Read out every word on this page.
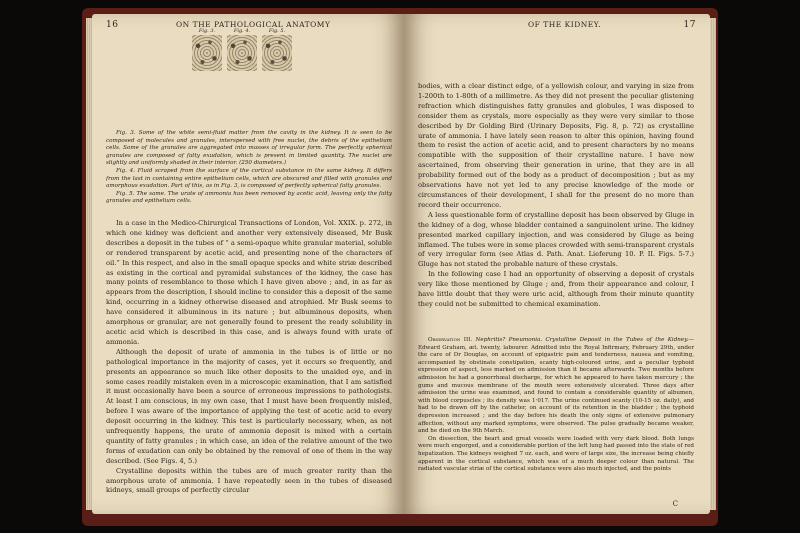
16	ON THE PATHOLOGICAL ANATOMY
Fig. 3.	Fig. 4.	Fig. 5.

Fig. 3. Some of the white semi-fluid matter from the cavity in the kidney. It is seen to be composed of molecules and granules, interspersed with free nuclei, the debris of the epithelium cells. Some of the granules are aggregated into masses of irregular form. The perfectly spherical granules are composed of fatty exudation, which is present in limited quantity. The nuclei are slightly and uniformly shaded in their interior. (250 diameters.)

Fig. 4. Fluid scraped from the surface of the cortical substance in the same kidney. It differs from the last in containing entire epithelium cells, which are obscured and filled with granules and amorphous exudation. Part of this, as in Fig. 3, is composed of perfectly spherical fatty granules.

Fig. 5. The same. The urate of ammonia has been removed by acetic acid, leaving only the fatty granules and epithelium cells.

In a case in the Medico-Chirurgical Transactions of London, Vol. XXIX. p. 272, in which one kidney was deficient and another very extensively diseased, Mr Busk describes a deposit in the tubes of “ a semi-opaque white granular material, soluble or rendered transparent by acetic acid, and presenting none of the characters of oil.” In this respect, and also in the small opaque specks and white striæ described as existing in the cortical and pyramidal substances of the kidney, the case has many points of resemblance to those which I have given above ; and, in as far as appears from the description, I should incline to consider this a deposit of the same kind, occurring in a kidney otherwise diseased and atrophied. Mr Busk seems to have considered it albuminous in its nature ; but albuminous deposits, when amorphous or granular, are not generally found to present the ready solubility in acetic acid which is described in this case, and is always found with urate of ammonia.

Although the deposit of urate of ammonia in the tubes is of little or no pathological importance in the majority of cases, yet it occurs so frequently, and presents an appearance so much like other deposits to the unaided eye, and in some cases readily mistaken even in a microscopic examination, that I am satisfied it must occasionally have been a source of erroneous impressions to pathologists. At least I am conscious, in my own case, that I must have been frequently misled, before I was aware of the importance of applying the test of acetic acid to every deposit occurring in the kidney. This test is particularly necessary, when, as not unfrequently happens, the urate of ammonia deposit is mixed with a certain quantity of fatty granules ; in which case, an idea of the relative amount of the two forms of exudation can only be obtained by the removal of one of them in the way described. (See Figs. 4, 5.)

Crystalline deposits within the tubes are of much greater rarity than the amorphous urate of ammonia. I have repeatedly seen in the tubes of diseased kidneys, small groups of perfectly circular

OF THE KIDNEY.	17

bodies, with a clear distinct edge, of a yellowish colour, and varying in size from 1-200th to 1-80th of a millimetre. As they did not present the peculiar glistening refraction which distinguishes fatty granules and globules, I was disposed to consider them as crystals, more especially as they were very similar to those described by Dr Golding Bird (Urinary Deposits, Fig. 8, p. 72) as crystalline urate of ammonia. I have lately seen reason to alter this opinion, having found them to resist the action of acetic acid, and to present characters by no means compatible with the supposition of their crystalline nature. I have now ascertained, from observing their generation in urine, that they are in all probability formed out of the body as a product of decomposition ; but as my observations have not yet led to any precise knowledge of the mode or circumstances of their development, I shall for the present do no more than record their occurrence.

A less questionable form of crystalline deposit has been observed by Gluge in the kidney of a dog, whose bladder contained a sanguinolent urine. The kidney presented marked capillary injection, and was considered by Gluge as being inflamed. The tubes were in some places crowded with semi-transparent crystals of very irregular form (see Atlas d. Path. Anat. Lieferung 10. P. II. Figs. 5-7.) Gluge has not stated the probable nature of these crystals.

In the following case I had an opportunity of observing a deposit of crystals very like those mentioned by Gluge ; and, from their appearance and colour, I have little doubt that they were uric acid, although from their minute quantity they could not be submitted to chemical examination.

Observation III. Nephritis? Pneumonia. Crystalline Deposit in the Tubes of the Kidney.—Edward Graham, æt. twenty, labourer. Admitted into the Royal Infirmary, February 29th, under the care of Dr Douglas, on account of epigastric pain and tenderness, nausea and vomiting, accompanied by obstinate constipation, scanty high-coloured urine, and a peculiar typhoid expression of aspect, less marked on admission than it became afterwards. Two months before admission he had a gonorrhœal discharge, for which he appeared to have taken mercury ; the gums and mucous membrane of the mouth were extensively ulcerated. Three days after admission the urine was examined, and found to contain a considerable quantity of albumen, with blood corpuscles ; its density was 1·017. The urine continued scanty (10-15 oz. daily), and had to be drawn off by the catheter, on account of its retention in the bladder ; the typhoid depression increased ; and the day before his death the only signs of extensive pulmonary affection, without any marked symptoms, were observed. The pulse gradually became weaker, and he died on the 9th March.

On dissection, the heart and great vessels were loaded with very dark blood. Both lungs were much engorged, and a considerable portion of the left lung had passed into the state of red hepatization. The kidneys weighed 7 oz. each, and were of large size, the increase being chiefly apparent in the cortical substance, which was of a much deeper colour than natural. The radiated vascular striæ of the cortical substance were also much injected, and the points

C
